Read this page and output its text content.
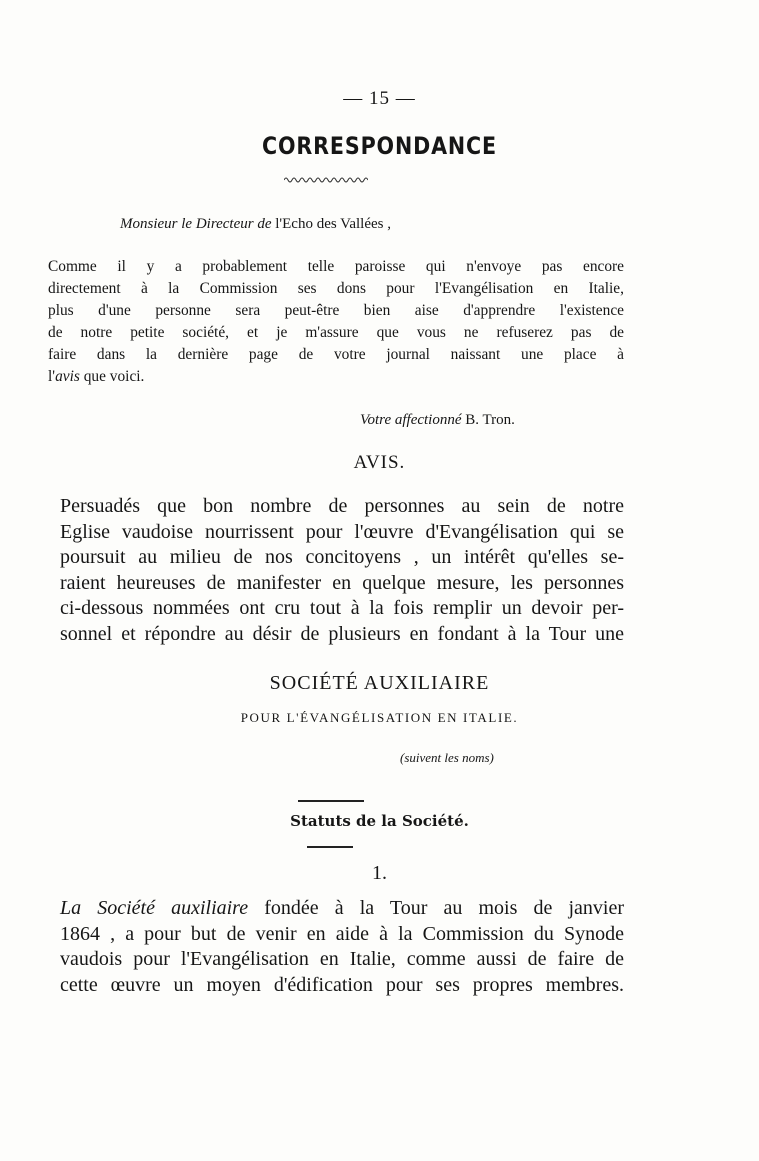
— 15 —
CORRESPONDANCE
Monsieur le Directeur de l'Echo des Vallées ,
Comme il y a probablement telle paroisse qui n'envoye pas encore
directement à la Commission ses dons pour l'Evangélisation en Italie,
plus d'une personne sera peut-être bien aise d'apprendre l'existence
de notre petite société, et je m'assure que vous ne refuserez pas de
faire dans la dernière page de votre journal naissant une place à
l'avis que voici.
Votre affectionné B. Tron.
AVIS.
Persuadés que bon nombre de personnes au sein de notre
Eglise vaudoise nourrissent pour l'œuvre d'Evangélisation qui se
poursuit au milieu de nos concitoyens , un intérêt qu'elles se-
raient heureuses de manifester en quelque mesure, les personnes
ci-dessous nommées ont cru tout à la fois remplir un devoir per-
sonnel et répondre au désir de plusieurs en fondant à la Tour une
SOCIÉTÉ AUXILIAIRE
POUR L'ÉVANGÉLISATION EN ITALIE.
(suivent les noms)
Statuts de la Société.
1.
La Société auxiliaire fondée à la Tour au mois de janvier
1864 , a pour but de venir en aide à la Commission du Synode
vaudois pour l'Evangélisation en Italie, comme aussi de faire de
cette œuvre un moyen d'édification pour ses propres membres.
